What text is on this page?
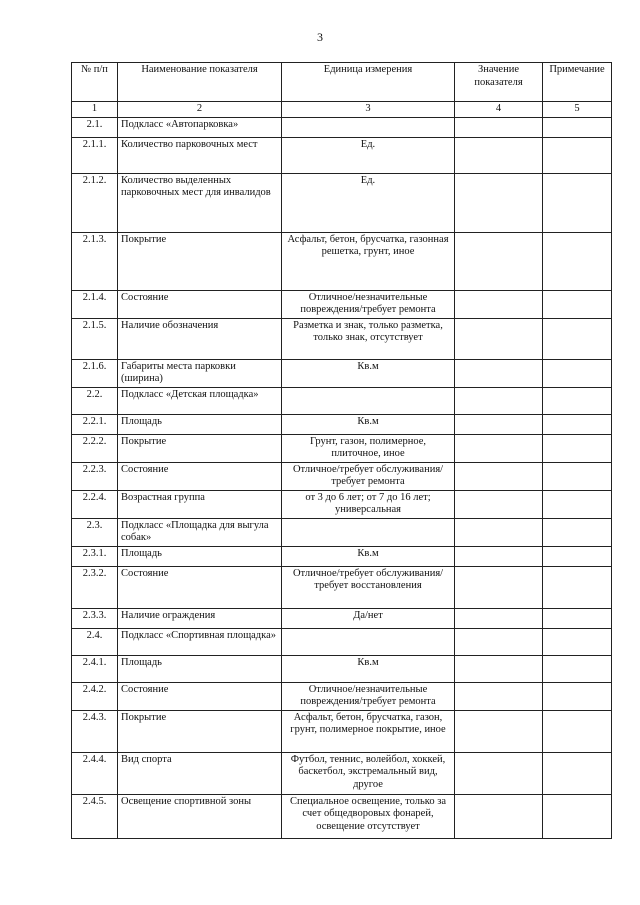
3
№ п/п	Наименование показателя	Единица измерения	Значение показателя	Примечание
1	2	3	4	5
2.1.	Подкласс «Автопарковка»			
2.1.1.	Количество парковочных мест	Ед.		
2.1.2.	Количество выделенных парковочных мест для инвалидов	Ед.		
2.1.3.	Покрытие	Асфальт, бетон, брусчатка, газонная решетка, грунт, иное		
2.1.4.	Состояние	Отличное/незначительные повреждения/требует ремонта		
2.1.5.	Наличие обозначения	Разметка и знак, только разметка, только знак, отсутствует		
2.1.6.	Габариты места парковки (ширина)	Кв.м		
2.2.	Подкласс «Детская площадка»			
2.2.1.	Площадь	Кв.м		
2.2.2.	Покрытие	Грунт, газон, полимерное, плиточное, иное		
2.2.3.	Состояние	Отличное/требует обслуживания/требует ремонта		
2.2.4.	Возрастная группа	от 3 до 6 лет; от 7 до 16 лет; универсальная		
2.3.	Подкласс «Площадка для выгула собак»			
2.3.1.	Площадь	Кв.м		
2.3.2.	Состояние	Отличное/требует обслуживания/требует восстановления		
2.3.3.	Наличие ограждения	Да/нет		
2.4.	Подкласс «Спортивная площадка»			
2.4.1.	Площадь	Кв.м		
2.4.2.	Состояние	Отличное/незначительные повреждения/требует ремонта		
2.4.3.	Покрытие	Асфальт, бетон, брусчатка, газон, грунт, полимерное покрытие, иное		
2.4.4.	Вид спорта	Футбол, теннис, волейбол, хоккей, баскетбол, экстремальный вид, другое		
2.4.5.	Освещение спортивной зоны	Специальное освещение, только за счет общедворовых фонарей, освещение отсутствует		
